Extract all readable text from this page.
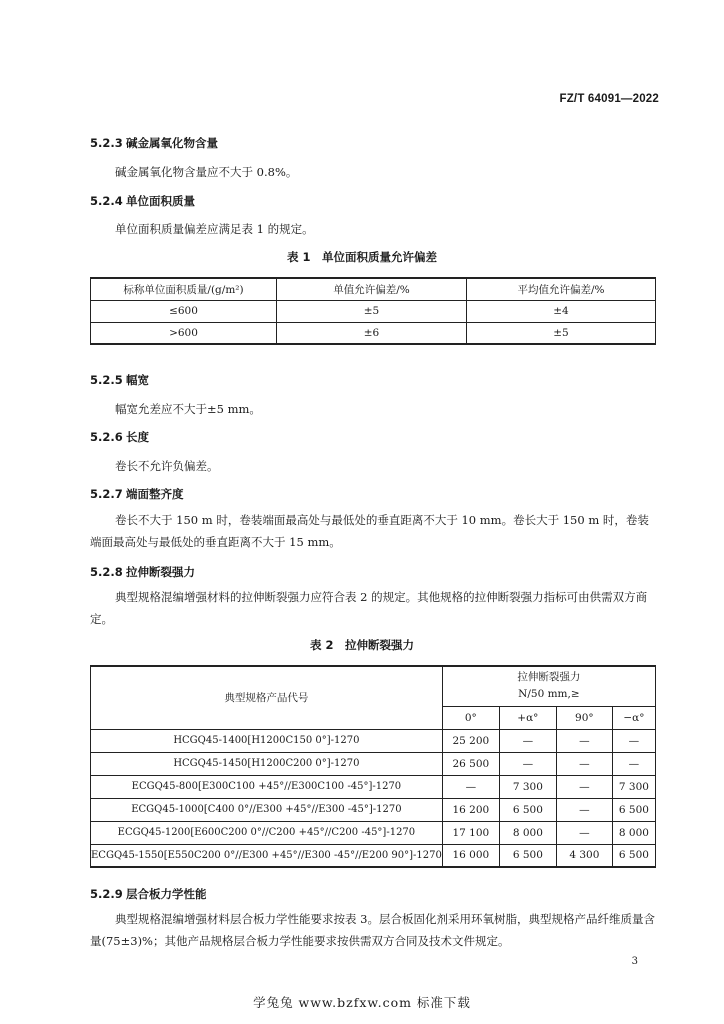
FZ/T 64091—2022
5.2.3 碱金属氧化物含量
碱金属氧化物含量应不大于 0.8%。
5.2.4 单位面积质量
单位面积质量偏差应满足表 1 的规定。
表 1　单位面积质量允许偏差
标称单位面积质量/(g/m²)	单值允许偏差/%	平均值允许偏差/%
≤600	±5	±4
>600	±6	±5
5.2.5 幅宽
幅宽允差应不大于±5 mm。
5.2.6 长度
卷长不允许负偏差。
5.2.7 端面整齐度
卷长不大于 150 m 时，卷装端面最高处与最低处的垂直距离不大于 10 mm。卷长大于 150 m 时，卷装端面最高处与最低处的垂直距离不大于 15 mm。
5.2.8 拉伸断裂强力
典型规格混编增强材料的拉伸断裂强力应符合表 2 的规定。其他规格的拉伸断裂强力指标可由供需双方商定。
表 2　拉伸断裂强力
典型规格产品代号	拉伸断裂强力
N/50 mm,≥			

	0°	+α°	90°	−α°
HCGQ45-1400[H1200C150 0°]-1270	25 200	—	—	—
HCGQ45-1450[H1200C200 0°]-1270	26 500	—	—	—
ECGQ45-800[E300C100 +45°//E300C100 -45°]-1270	—	7 300	—	7 300
ECGQ45-1000[C400 0°//E300 +45°//E300 -45°]-1270	16 200	6 500	—	6 500
ECGQ45-1200[E600C200 0°//C200 +45°//C200 -45°]-1270	17 100	8 000	—	8 000
ECGQ45-1550[E550C200 0°//E300 +45°//E300 -45°//E200 90°]-1270	16 000	6 500	4 300	6 500
5.2.9 层合板力学性能
典型规格混编增强材料层合板力学性能要求按表 3。层合板固化剂采用环氧树脂，典型规格产品纤维质量含量(75±3)%；其他产品规格层合板力学性能要求按供需双方合同及技术文件规定。
3
学兔兔 www.bzfxw.com 标准下载
